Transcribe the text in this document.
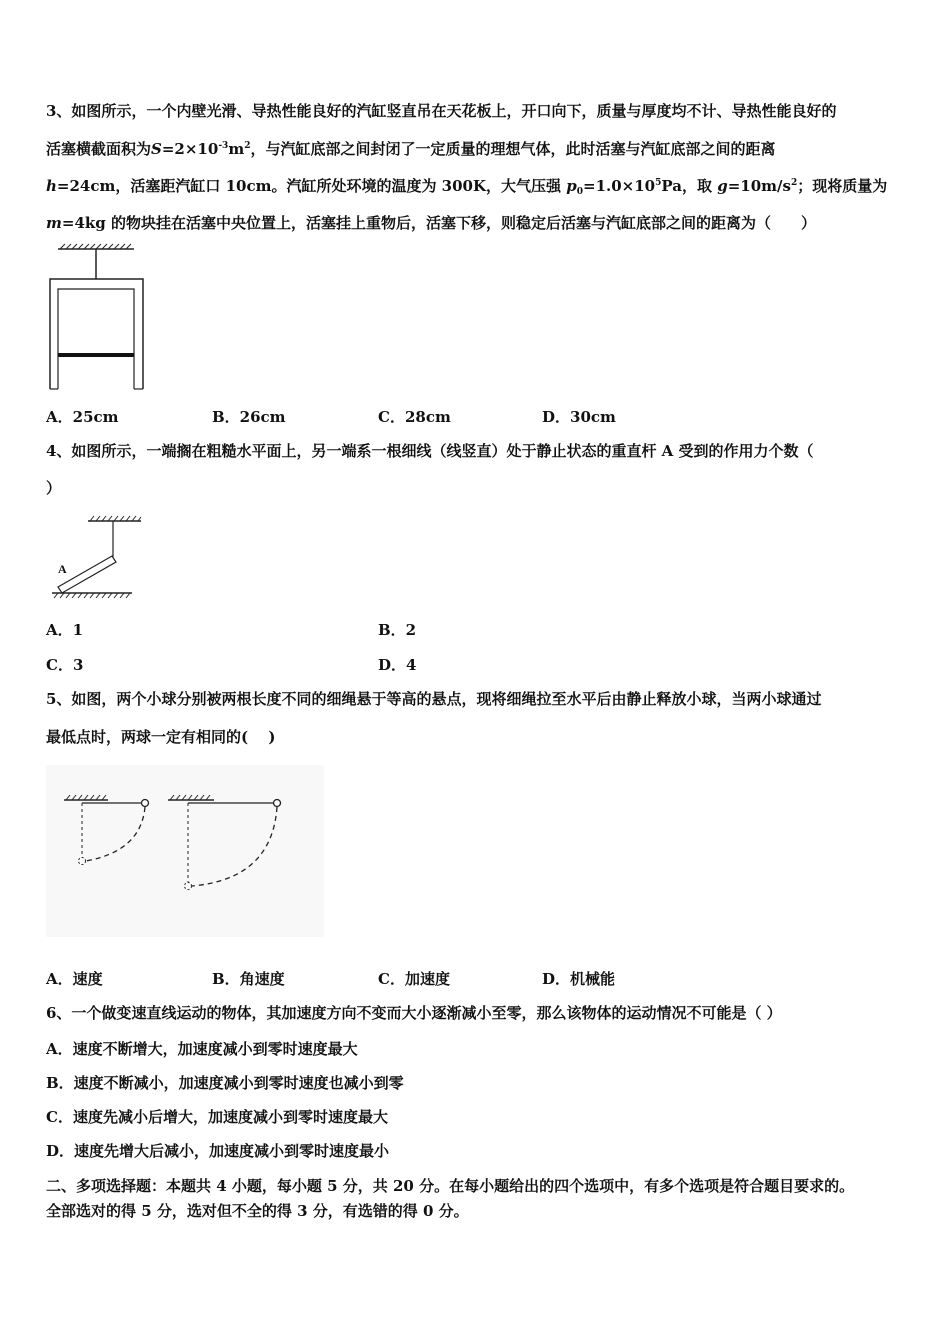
3、如图所示，一个内壁光滑、导热性能良好的汽缸竖直吊在天花板上，开口向下，质量与厚度均不计、导热性能良好的
活塞横截面积为$S=2\times 10^{-3}m^2$，与汽缸底部之间封闭了一定质量的理想气体，此时活塞与汽缸底部之间的距离
h=24cm，活塞距汽缸口 10cm。汽缸所处环境的温度为 300K，大气压强 $p_0=1.0\times 10^5Pa$，取 $g=10m/s^2$；现将质量为
m=4kg 的物块挂在活塞中央位置上，活塞挂上重物后，活塞下移，则稳定后活塞与汽缸底部之间的距离为（　　）
A．25cm	B．26cm	C．28cm	D．30cm
4、如图所示，一端搁在粗糙水平面上，另一端系一根细线（线竖直）处于静止状态的重直杆 A 受到的作用力个数（
）
A
A．1	B．2
C．3	D．4
5、如图，两个小球分别被两根长度不同的细绳悬于等高的悬点，现将细绳拉至水平后由静止释放小球，当两小球通过
最低点时，两球一定有相同的(　 )
A．速度	B．角速度	C．加速度	D．机械能
6、一个做变速直线运动的物体，其加速度方向不变而大小逐渐减小至零，那么该物体的运动情况不可能是（ ）
A．速度不断增大，加速度减小到零时速度最大
B．速度不断减小，加速度减小到零时速度也减小到零
C．速度先减小后增大，加速度减小到零时速度最大
D．速度先增大后减小，加速度减小到零时速度最小
二、多项选择题：本题共 4 小题，每小题 5 分，共 20 分。在每小题给出的四个选项中，有多个选项是符合题目要求的。
全部选对的得 5 分，选对但不全的得 3 分，有选错的得 0 分。
